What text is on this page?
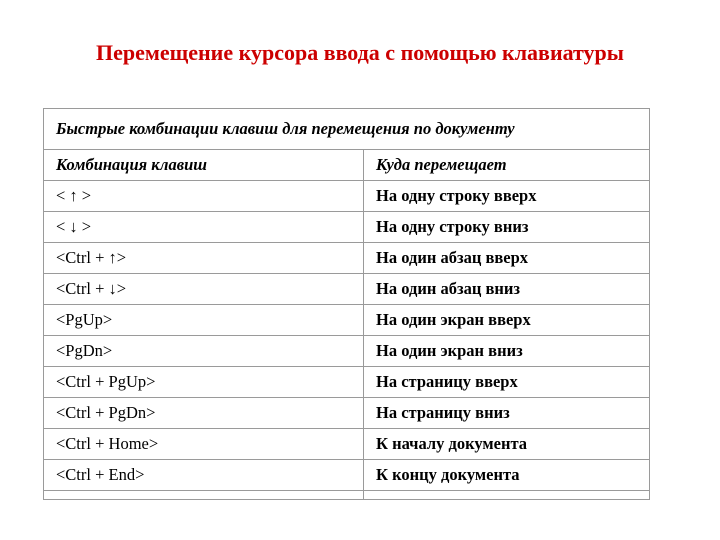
Перемещение курсора ввода с помощью клавиатуры
Быстрые комбинации клавиш для перемещения по документу	
Комбинация клавиш	Куда перемещает
< ↑ >	На одну строку вверх
< ↓ >	На одну строку вниз
<Ctrl + ↑>	На один абзац вверх
<Ctrl + ↓>	На один абзац вниз
<PgUp>	На один экран вверх
<PgDn>	На один экран вниз
<Ctrl + PgUp>	На страницу вверх
<Ctrl + PgDn>	На страницу вниз
<Ctrl + Home>	К началу документа
<Ctrl + End>	К концу документа
